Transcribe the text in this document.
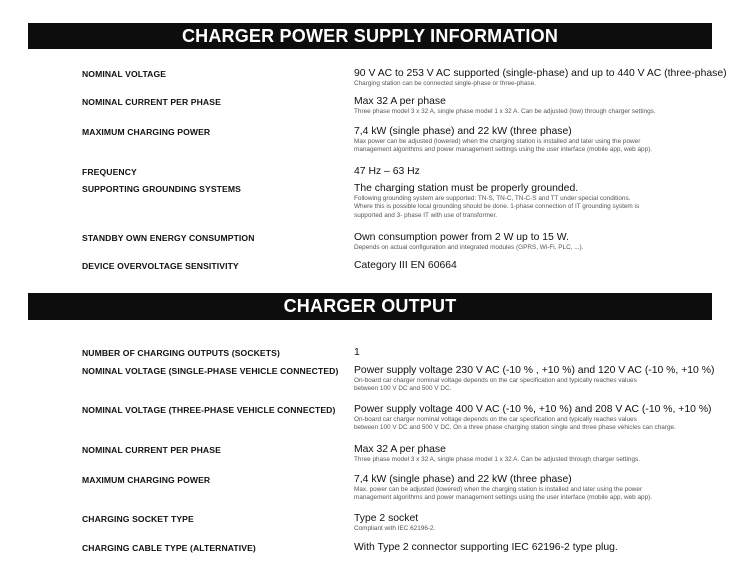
CHARGER POWER SUPPLY INFORMATION
NOMINAL VOLTAGE	90 V AC to 253 V AC supported (single-phase) and up to 440 V AC (three-phase)
Charging station can be connected single-phase or three-phase.
NOMINAL CURRENT PER PHASE	Max 32 A per phase
Three phase model 3 x 32 A, single phase model 1 x 32 A. Can be adjusted (low) through charger settings.
MAXIMUM CHARGING POWER	7,4 kW (single phase) and 22 kW (three phase)
Max power can be adjusted (lowered) when the charging station is installed and later using the power
management algorithms and power management settings using the user interface (mobile app, web app).
FREQUENCY	47 Hz – 63 Hz
SUPPORTING GROUNDING SYSTEMS	The charging station must be properly grounded.
Following grounding system are supported: TN-S, TN-C, TN-C-S and TT under special conditions.
Where this is possible local grounding should be done. 1-phase connection of IT grounding system is
supported and 3- phase IT with use of transformer.
STANDBY OWN ENERGY CONSUMPTION	Own consumption power from 2 W up to 15 W.
Depends on actual configuration and integrated modules (GPRS, Wi-Fi, PLC, ...).
DEVICE OVERVOLTAGE SENSITIVITY	Category III EN 60664
CHARGER OUTPUT
NUMBER OF CHARGING OUTPUTS (SOCKETS)	1
NOMINAL VOLTAGE (SINGLE-PHASE VEHICLE CONNECTED) Power supply voltage 230 V AC (-10 % , +10 %) and 120 V AC (-10 %, +10 %)
On-board car charger nominal voltage depends on the car specification and typically reaches values
between 100 V DC and 500 V DC.
NOMINAL VOLTAGE (THREE-PHASE VEHICLE CONNECTED) Power supply voltage 400 V AC (-10 %, +10 %) and 208 V AC (-10 %, +10 %)
On-board car charger nominal voltage depends on the car specification and typically reaches values
between 100 V DC and 500 V DC. On a three phase charging station single and three phase vehicles can charge.
NOMINAL CURRENT PER PHASE	Max 32 A per phase
Three phase model 3 x 32 A, single phase model 1 x 32 A. Can be adjusted through charger settings.
MAXIMUM CHARGING POWER	7,4 kW (single phase) and 22 kW (three phase)
Max. power can be adjusted (lowered) when the charging station is installed and later using the power
management algorithms and power management settings using the user interface (mobile app, web app).
CHARGING SOCKET TYPE	Type 2 socket
Compliant with IEC 62196-2.
CHARGING CABLE TYPE (ALTERNATIVE)	With Type 2 connector supporting IEC 62196-2 type plug.
